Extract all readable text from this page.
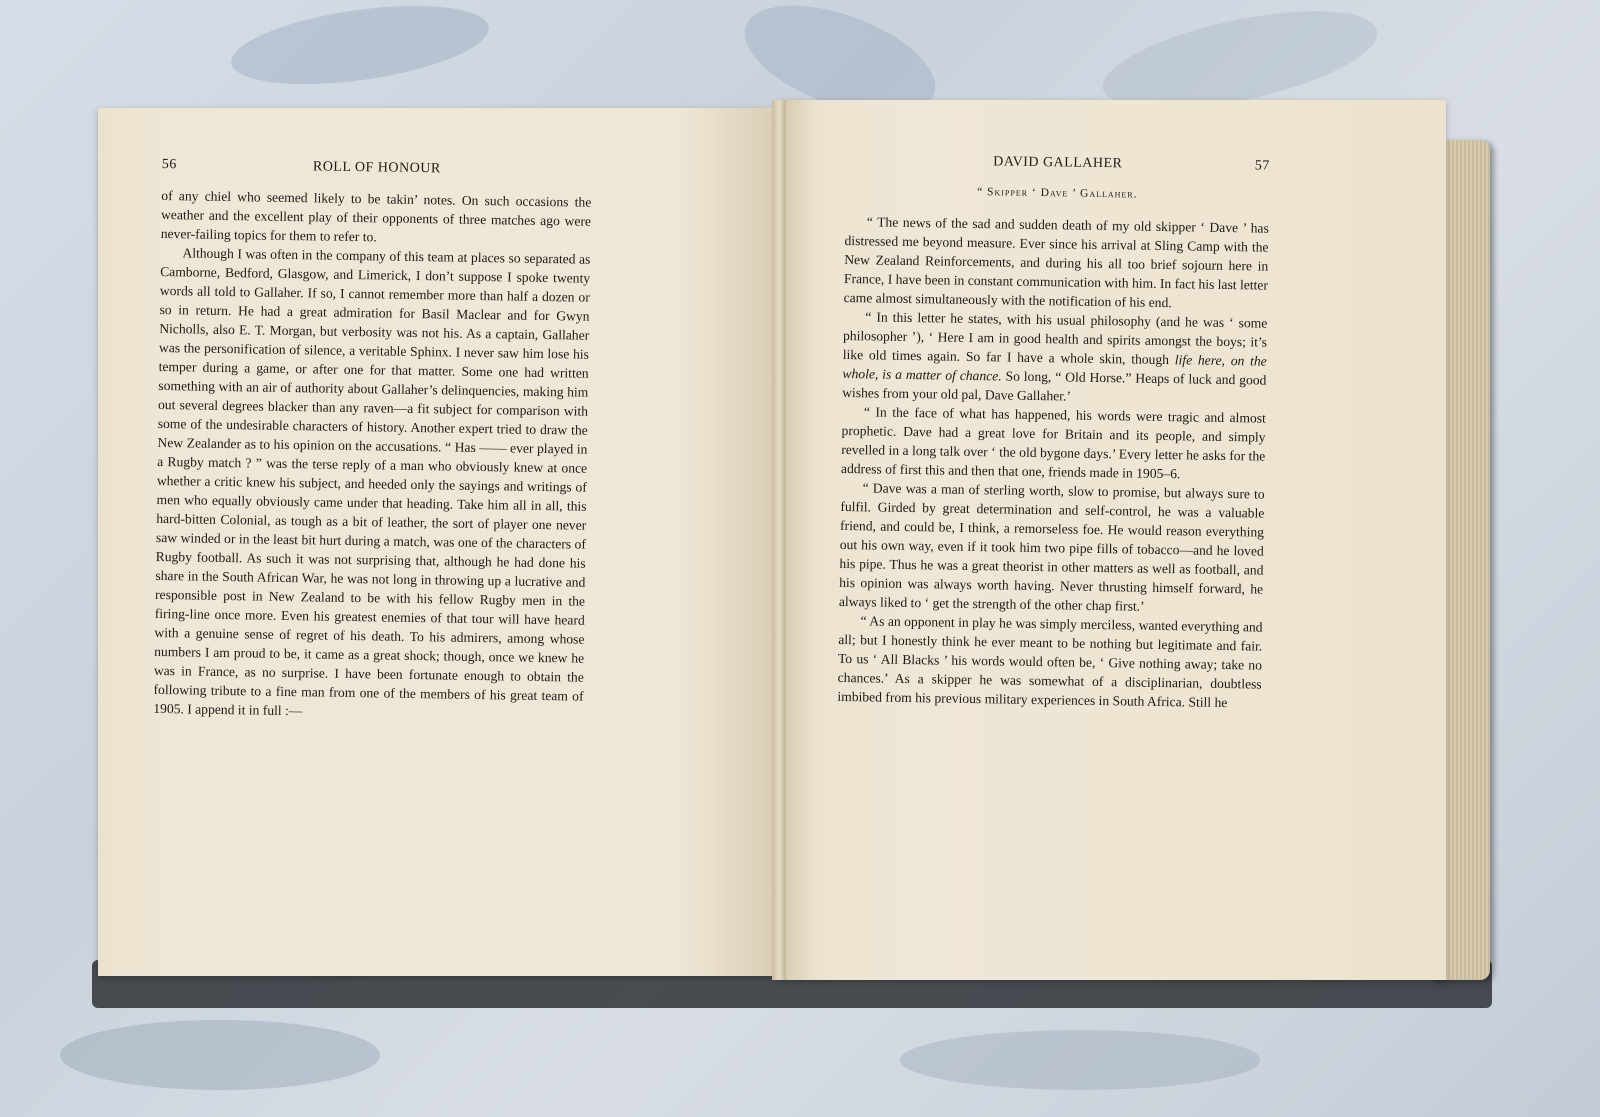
DAVID GALLAHER	57
“ Skipper ‘ Dave ’ Gallaher.

“ The news of the sad and sudden death of my old skipper ‘ Dave ’ has distressed me beyond measure. Ever since his arrival at Sling Camp with the New Zealand Reinforcements, and during his all too brief sojourn here in France, I have been in constant communication with him. In fact his last letter came almost simultaneously with the notification of his end.

“ In this letter he states, with his usual philosophy (and he was ‘ some philosopher ’), ‘ Here I am in good health and spirits amongst the boys; it’s like old times again. So far I have a whole skin, though life here, on the whole, is a matter of chance. So long, “ Old Horse.” Heaps of luck and good wishes from your old pal, Dave Gallaher.’

“ In the face of what has happened, his words were tragic and almost prophetic. Dave had a great love for Britain and its people, and simply revelled in a long talk over ‘ the old bygone days.’ Every letter he asks for the address of first this and then that one, friends made in 1905–6.

“ Dave was a man of sterling worth, slow to promise, but always sure to fulfil. Girded by great determination and self-control, he was a valuable friend, and could be, I think, a remorseless foe. He would reason everything out his own way, even if it took him two pipe fills of tobacco—and he loved his pipe. Thus he was a great theorist in other matters as well as football, and his opinion was always worth having. Never thrusting himself forward, he always liked to ‘ get the strength of the other chap first.’

“ As an opponent in play he was simply merciless, wanted everything and all; but I honestly think he ever meant to be nothing but legitimate and fair. To us ‘ All Blacks ’ his words would often be, ‘ Give nothing away; take no chances.’ As a skipper he was somewhat of a disciplinarian, doubtless imbibed from his previous military experiences in South Africa. Still he

56	ROLL OF HONOUR

of any chiel who seemed likely to be takin’ notes. On such occasions the weather and the excellent play of their opponents of three matches ago were never-failing topics for them to refer to.

Although I was often in the company of this team at places so separated as Camborne, Bedford, Glasgow, and Limerick, I don’t suppose I spoke twenty words all told to Gallaher. If so, I cannot remember more than half a dozen or so in return. He had a great admiration for Basil Maclear and for Gwyn Nicholls, also E. T. Morgan, but verbosity was not his. As a captain, Gallaher was the personification of silence, a veritable Sphinx. I never saw him lose his temper during a game, or after one for that matter. Some one had written something with an air of authority about Gallaher’s delinquencies, making him out several degrees blacker than any raven—a fit subject for comparison with some of the undesirable characters of history. Another expert tried to draw the New Zealander as to his opinion on the accusations. “ Has —— ever played in a Rugby match ? ” was the terse reply of a man who obviously knew at once whether a critic knew his subject, and heeded only the sayings and writings of men who equally obviously came under that heading. Take him all in all, this hard-bitten Colonial, as tough as a bit of leather, the sort of player one never saw winded or in the least bit hurt during a match, was one of the characters of Rugby football. As such it was not surprising that, although he had done his share in the South African War, he was not long in throwing up a lucrative and responsible post in New Zealand to be with his fellow Rugby men in the firing-line once more. Even his greatest enemies of that tour will have heard with a genuine sense of regret of his death. To his admirers, among whose numbers I am proud to be, it came as a great shock; though, once we knew he was in France, as no surprise. I have been fortunate enough to obtain the following tribute to a fine man from one of the members of his great team of 1905. I append it in full :—
